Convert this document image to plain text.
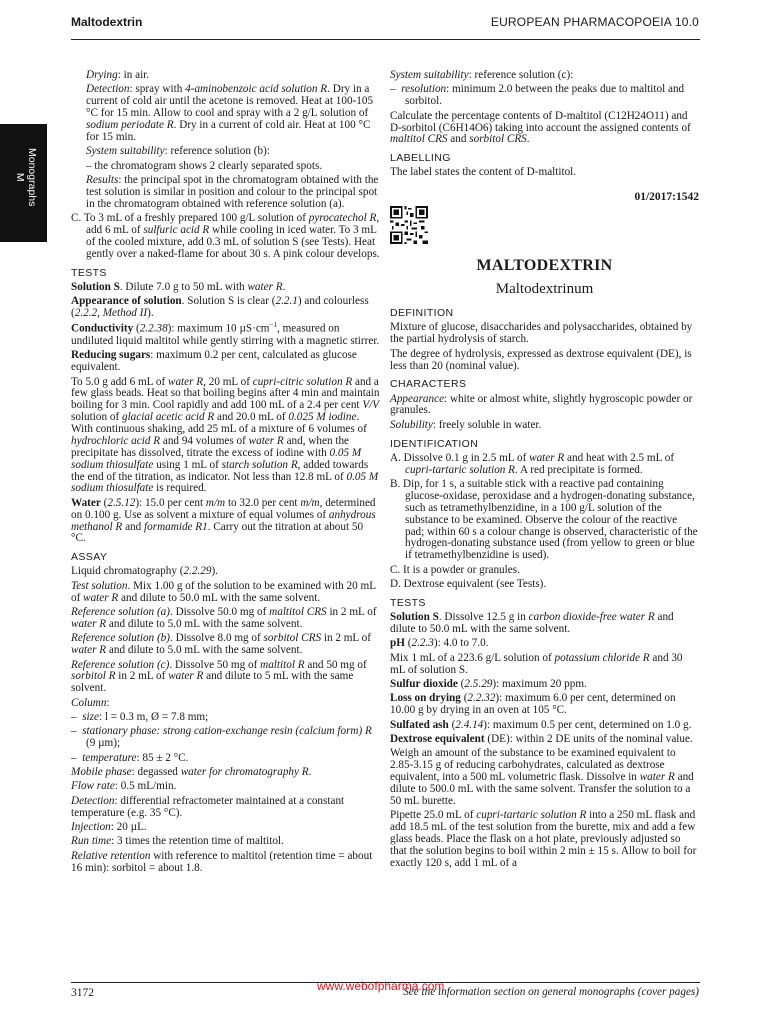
Maltodextrin	EUROPEAN PHARMACOPOEIA 10.0
Monographs
M

Drying: in air.

Detection: spray with 4-aminobenzoic acid solution R. Dry in a current of cold air until the acetone is removed. Heat at 100-105 °C for 15 min. Allow to cool and spray with a 2 g/L solution of sodium periodate R. Dry in a current of cold air. Heat at 100 °C for 15 min.

System suitability: reference solution (b):

– the chromatogram shows 2 clearly separated spots.

Results: the principal spot in the chromatogram obtained with the test solution is similar in position and colour to the principal spot in the chromatogram obtained with reference solution (a).

C. To 3 mL of a freshly prepared 100 g/L solution of pyrocatechol R, add 6 mL of sulfuric acid R while cooling in iced water. To 3 mL of the cooled mixture, add 0.3 mL of solution S (see Tests). Heat gently over a naked-flame for about 30 s. A pink colour develops.

TESTS

Solution S. Dilute 7.0 g to 50 mL with water R.

Appearance of solution. Solution S is clear (2.2.1) and colourless (2.2.2, Method II).

Conductivity (2.2.38): maximum 10 $\mu S\cdot cm^{-1}$, measured on undiluted liquid maltitol while gently stirring with a magnetic stirrer.

Reducing sugars: maximum 0.2 per cent, calculated as glucose equivalent.

To 5.0 g add 6 mL of water R, 20 mL of cupri-citric solution R and a few glass beads. Heat so that boiling begins after 4 min and maintain boiling for 3 min. Cool rapidly and add 100 mL of a 2.4 per cent V/V solution of glacial acetic acid R and 20.0 mL of 0.025 M iodine. With continuous shaking, add 25 mL of a mixture of 6 volumes of hydrochloric acid R and 94 volumes of water R and, when the precipitate has dissolved, titrate the excess of iodine with 0.05 M sodium thiosulfate using 1 mL of starch solution R, added towards the end of the titration, as indicator. Not less than 12.8 mL of 0.05 M sodium thiosulfate is required.

Water (2.5.12): 15.0 per cent m/m to 32.0 per cent m/m, determined on 0.100 g. Use as solvent a mixture of equal volumes of anhydrous methanol R and formamide R1. Carry out the titration at about 50 °C.

ASSAY

Liquid chromatography (2.2.29).

Test solution. Mix 1.00 g of the solution to be examined with 20 mL of water R and dilute to 50.0 mL with the same solvent.

Reference solution (a). Dissolve 50.0 mg of maltitol CRS in 2 mL of water R and dilute to 5.0 mL with the same solvent.

Reference solution (b). Dissolve 8.0 mg of sorbitol CRS in 2 mL of water R and dilute to 5.0 mL with the same solvent.

Reference solution (c). Dissolve 50 mg of maltitol R and 50 mg of sorbitol R in 2 mL of water R and dilute to 5 mL with the same solvent.

Column:

–  size: l = 0.3 m, Ø = 7.8 mm;

–  stationary phase: strong cation-exchange resin (calcium form) R (9 µm);

–  temperature: 85 ± 2 °C.

Mobile phase: degassed water for chromatography R.

Flow rate: 0.5 mL/min.

Detection: differential refractometer maintained at a constant temperature (e.g. 35 °C).

Injection: 20 µL.

Run time: 3 times the retention time of maltitol.

Relative retention with reference to maltitol (retention time = about 16 min): sorbitol = about 1.8.

System suitability: reference solution (c):

–  resolution: minimum 2.0 between the peaks due to maltitol and sorbitol.

Calculate the percentage contents of D-maltitol (C12H24O11) and D-sorbitol (C6H14O6) taking into account the assigned contents of maltitol CRS and sorbitol CRS.

LABELLING

The label states the content of D-maltitol.

01/2017:1542

MALTODEXTRIN
Maltodextrinum
DEFINITION

Mixture of glucose, disaccharides and polysaccharides, obtained by the partial hydrolysis of starch.

The degree of hydrolysis, expressed as dextrose equivalent (DE), is less than 20 (nominal value).

CHARACTERS

Appearance: white or almost white, slightly hygroscopic powder or granules.

Solubility: freely soluble in water.

IDENTIFICATION

A. Dissolve 0.1 g in 2.5 mL of water R and heat with 2.5 mL of cupri-tartaric solution R. A red precipitate is formed.

B. Dip, for 1 s, a suitable stick with a reactive pad containing glucose-oxidase, peroxidase and a hydrogen-donating substance, such as tetramethylbenzidine, in a 100 g/L solution of the substance to be examined. Observe the colour of the reactive pad; within 60 s a colour change is observed, characteristic of the hydrogen-donating substance used (from yellow to green or blue if tetramethylbenzidine is used).

C. It is a powder or granules.

D. Dextrose equivalent (see Tests).

TESTS

Solution S. Dissolve 12.5 g in carbon dioxide-free water R and dilute to 50.0 mL with the same solvent.

pH (2.2.3): 4.0 to 7.0.

Mix 1 mL of a 223.6 g/L solution of potassium chloride R and 30 mL of solution S.

Sulfur dioxide (2.5.29): maximum 20 ppm.

Loss on drying (2.2.32): maximum 6.0 per cent, determined on 10.00 g by drying in an oven at 105 °C.

Sulfated ash (2.4.14): maximum 0.5 per cent, determined on 1.0 g.

Dextrose equivalent (DE): within 2 DE units of the nominal value.

Weigh an amount of the substance to be examined equivalent to 2.85-3.15 g of reducing carbohydrates, calculated as dextrose equivalent, into a 500 mL volumetric flask. Dissolve in water R and dilute to 500.0 mL with the same solvent. Transfer the solution to a 50 mL burette.

Pipette 25.0 mL of cupri-tartaric solution R into a 250 mL flask and add 18.5 mL of the test solution from the burette, mix and add a few glass beads. Place the flask on a hot plate, previously adjusted so that the solution begins to boil within 2 min ± 15 s. Allow to boil for exactly 120 s, add 1 mL of a

3172	See the information section on general monographs (cover pages)
www.webofpharma.com
